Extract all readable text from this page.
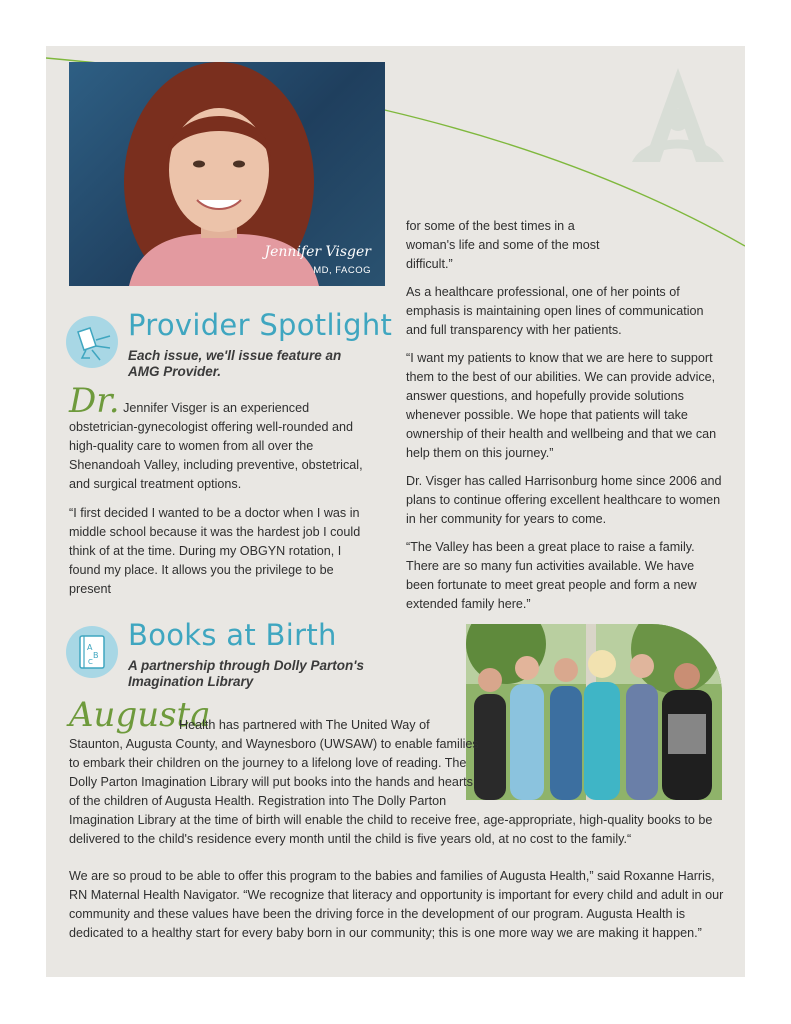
Jennifer Visger
MD, FACOG
Provider Spotlight

Each issue, we'll issue feature an AMG Provider.

Dr. Jennifer Visger is an experienced obstetrician-gynecologist offering well-rounded and high-quality care to women from all over the Shenandoah Valley, including preventive, obstetrical, and surgical treatment options.

“I first decided I wanted to be a doctor when I was in middle school because it was the hardest job I could think of at the time. During my OBGYN rotation, I found my place. It allows you the privilege to be present

for some of the best times in a woman's life and some of the most difficult.”

As a healthcare professional, one of her points of emphasis is maintaining open lines of communication and full transparency with her patients.

“I want my patients to know that we are here to support them to the best of our abilities. We can provide advice, answer questions, and hopefully provide solutions whenever possible. We hope that patients will take ownership of their health and wellbeing and that we can help them on this journey.”

Dr. Visger has called Harrisonburg home since 2006 and plans to continue offering excellent healthcare to women in her community for years to come.

“The Valley has been a great place to raise a family. There are so many fun activities available. We have been fortunate to meet great people and form a new extended family here.”

A
B
C
Books at Birth

A partnership through Dolly Parton's Imagination Library

Augusta

Health has partnered with The United Way of Staunton, Augusta County, and Waynesboro (UWSAW) to enable families to embark their children on the journey to a lifelong love of reading. The Dolly Parton Imagination Library will put books into the hands and hearts of the children of Augusta Health. Registration into The Dolly Parton Imagination Library at the time of birth will enable the child to receive free, age-appropriate, high-quality books to be delivered to the child's residence every month until the child is five years old, at no cost to the family.“

We are so proud to be able to offer this program to the babies and families of Augusta Health,” said Roxanne Harris, RN Maternal Health Navigator. “We recognize that literacy and opportunity is important for every child and adult in our community and these values have been the driving force in the development of our program. Augusta Health is dedicated to a healthy start for every baby born in our community; this is one more way we are making it happen.”
